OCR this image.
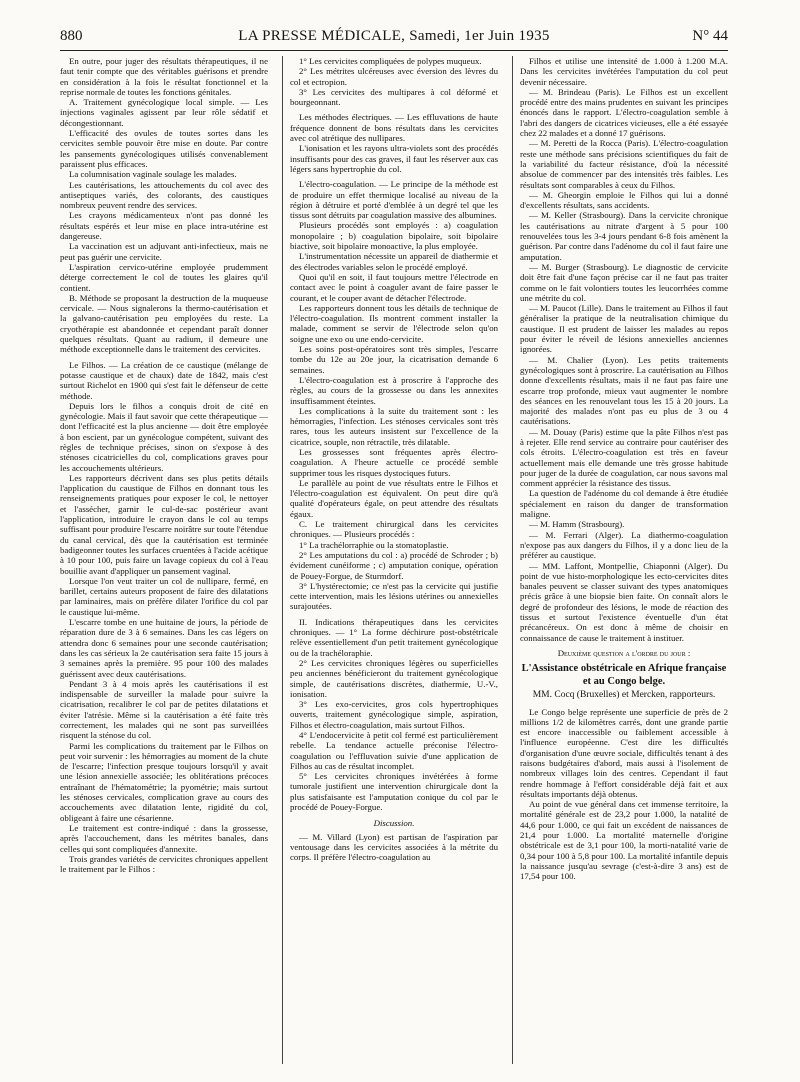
880	LA PRESSE MÉDICALE, Samedi, 1er Juin 1935	N° 44

En outre, pour juger des résultats thérapeutiques, il ne faut tenir compte que des véritables guérisons et prendre en considération à la fois le résultat fonctionnel et la reprise normale de toutes les fonctions génitales.

A. Traitement gynécologique local simple. — Les injections vaginales agissent par leur rôle sédatif et décongestionnant.

L'efficacité des ovules de toutes sortes dans les cervicites semble pouvoir être mise en doute. Par contre les pansements gynécologiques utilisés convenablement paraissent plus efficaces.

La columnisation vaginale soulage les malades.

Les cautérisations, les attouchements du col avec des antiseptiques variés, des colorants, des caustiques nombreux peuvent rendre des services.

Les crayons médicamenteux n'ont pas donné les résultats espérés et leur mise en place intra-utérine est dangereuse.

La vaccination est un adjuvant anti-infectieux, mais ne peut pas guérir une cervicite.

L'aspiration cervico-utérine employée prudemment déterge correctement le col de toutes les glaires qu'il contient.

B. Méthode se proposant la destruction de la muqueuse cervicale. — Nous signalerons la thermo-cautérisation et la galvano-cautérisation peu employées du reste. La cryothérapie est abandonnée et cependant paraît donner quelques résultats. Quant au radium, il demeure une méthode exceptionnelle dans le traitement des cervicites.

Le Filhos. — La création de ce caustique (mélange de potasse caustique et de chaux) date de 1842, mais c'est surtout Richelot en 1900 qui s'est fait le défenseur de cette méthode.

Depuis lors le filhos a conquis droit de cité en gynécologie. Mais il faut savoir que cette thérapeutique — dont l'efficacité est la plus ancienne — doit être employée à bon escient, par un gynécologue compétent, suivant des règles de technique précises, sinon on s'expose à des sténoses cicatricielles du col, complications graves pour les accouchements ultérieurs.

Les rapporteurs décrivent dans ses plus petits détails l'application du caustique de Filhos en donnant tous les renseignements pratiques pour exposer le col, le nettoyer et l'assécher, garnir le cul-de-sac postérieur avant l'application, introduire le crayon dans le col au temps suffisant pour produire l'escarre noirâtre sur toute l'étendue du canal cervical, dès que la cautérisation est terminée badigeonner toutes les surfaces cruentées à l'acide acétique à 10 pour 100, puis faire un lavage copieux du col à l'eau bouillie avant d'appliquer un pansement vaginal.

Lorsque l'on veut traiter un col de nullipare, fermé, en barillet, certains auteurs proposent de faire des dilatations par laminaires, mais on préfère dilater l'orifice du col par le caustique lui-même.

L'escarre tombe en une huitaine de jours, la période de réparation dure de 3 à 6 semaines. Dans les cas légers on attendra donc 6 semaines pour une seconde cautérisation; dans les cas sérieux la 2e cautérisation sera faite 15 jours à 3 semaines après la première. 95 pour 100 des malades guérissent avec deux cautérisations.

Pendant 3 à 4 mois après les cautérisations il est indispensable de surveiller la malade pour suivre la cicatrisation, recalibrer le col par de petites dilatations et éviter l'atrésie. Même si la cautérisation a été faite très correctement, les malades qui ne sont pas surveillées risquent la sténose du col.

Parmi les complications du traitement par le Filhos on peut voir survenir : les hémorragies au moment de la chute de l'escarre; l'infection presque toujours lorsqu'il y avait une lésion annexielle associée; les oblitérations précoces entraînant de l'hématométrie; la pyométrie; mais surtout les sténoses cervicales, complication grave au cours des accouchements avec dilatation lente, rigidité du col, obligeant à faire une césarienne.

Le traitement est contre-indiqué : dans la grossesse, après l'accouchement, dans les métrites banales, dans celles qui sont compliquées d'annexite.

Trois grandes variétés de cervicites chroniques appellent le traitement par le Filhos :

1° Les cervicites compliquées de polypes muqueux.

2° Les métrites ulcéreuses avec éversion des lèvres du col et ectropion.

3° Les cervicites des multipares à col déformé et bourgeonnant.

Les méthodes électriques. — Les effluvations de haute fréquence donnent de bons résultats dans les cervicites avec col atrétique des nullipares.

L'ionisation et les rayons ultra-violets sont des procédés insuffisants pour des cas graves, il faut les réserver aux cas légers sans hypertrophie du col.

L'électro-coagulation. — Le principe de la méthode est de produire un effet thermique localisé au niveau de la région à détruire et porté d'emblée à un degré tel que les tissus sont détruits par coagulation massive des albumines.

Plusieurs procédés sont employés : a) coagulation monopolaire ; b) coagulation bipolaire, soit bipolaire biactive, soit bipolaire monoactive, la plus employée.

L'instrumentation nécessite un appareil de diathermie et des électrodes variables selon le procédé employé.

Quoi qu'il en soit, il faut toujours mettre l'électrode en contact avec le point à coaguler avant de faire passer le courant, et le couper avant de détacher l'électrode.

Les rapporteurs donnent tous les détails de technique de l'électro-coagulation. Ils montrent comment installer la malade, comment se servir de l'électrode selon qu'on soigne une exo ou une endo-cervicite.

Les soins post-opératoires sont très simples, l'escarre tombe du 12e au 20e jour, la cicatrisation demande 6 semaines.

L'électro-coagulation est à proscrire à l'approche des règles, au cours de la grossesse ou dans les annexites insuffisamment éteintes.

Les complications à la suite du traitement sont : les hémorragies, l'infection. Les sténoses cervicales sont très rares, tous les auteurs insistent sur l'excellence de la cicatrice, souple, non rétractile, très dilatable.

Les grossesses sont fréquentes après électro-coagulation. A l'heure actuelle ce procédé semble supprimer tous les risques dystociques futurs.

Le parallèle au point de vue résultats entre le Filhos et l'électro-coagulation est équivalent. On peut dire qu'à qualité d'opérateurs égale, on peut attendre des résultats égaux.

C. Le traitement chirurgical dans les cervicites chroniques. — Plusieurs procédés :

1° La trachélorraphie ou la stomatoplastie.

2° Les amputations du col : a) procédé de Schroder ; b) évidement cunéiforme ; c) amputation conique, opération de Pouey-Forgue, de Sturmdorf.

3° L'hystérectomie; ce n'est pas la cervicite qui justifie cette intervention, mais les lésions utérines ou annexielles surajoutées.

II. Indications thérapeutiques dans les cervicites chroniques. — 1° La forme déchirure post-obstétricale relève essentiellement d'un petit traitement gynécologique ou de la trachéloraphie.

2° Les cervicites chroniques légères ou superficielles peu anciennes bénéficieront du traitement gynécologique simple, de cautérisations discrètes, diathermie, U.-V., ionisation.

3° Les exo-cervicites, gros cols hypertrophiques ouverts, traitement gynécologique simple, aspiration, Filhos et électro-coagulation, mais surtout Filhos.

4° L'endocervicite à petit col fermé est particulièrement rebelle. La tendance actuelle préconise l'électro-coagulation ou l'effluvation suivie d'une application de Filhos au cas de résultat incomplet.

5° Les cervicites chroniques invétérées à forme tumorale justifient une intervention chirurgicale dont la plus satisfaisante est l'amputation conique du col par le procédé de Pouey-Forgue.

Discussion.

— M. Villard (Lyon) est partisan de l'aspiration par ventousage dans les cervicites associées à la métrite du corps. Il préfère l'électro-coagulation au

Filhos et utilise une intensité de 1.000 à 1.200 M.A. Dans les cervicites invétérées l'amputation du col peut devenir nécessaire.

— M. Brindeau (Paris). Le Filhos est un excellent procédé entre des mains prudentes en suivant les principes énoncés dans le rapport. L'électro-coagulation semble à l'abri des dangers de cicatrices vicieuses, elle a été essayée chez 22 malades et a donné 17 guérisons.

— M. Peretti de la Rocca (Paris). L'électro-coagulation reste une méthode sans précisions scientifiques du fait de la variabilité du facteur résistance, d'où la nécessité absolue de commencer par des intensités très faibles. Les résultats sont comparables à ceux du Filhos.

— M. Gheorgin emploie le Filhos qui lui a donné d'excellents résultats, sans accidents.

— M. Keller (Strasbourg). Dans la cervicite chronique les cautérisations au nitrate d'argent à 5 pour 100 renouvelées tous les 3-4 jours pendant 6-8 fois amènent la guérison. Par contre dans l'adénome du col il faut faire une amputation.

— M. Burger (Strasbourg). Le diagnostic de cervicite doit être fait d'une façon précise car il ne faut pas traiter comme on le fait volontiers toutes les leucorrhées comme une métrite du col.

— M. Paucot (Lille). Dans le traitement au Filhos il faut généraliser la pratique de la neutralisation chimique du caustique. Il est prudent de laisser les malades au repos pour éviter le réveil de lésions annexielles anciennes ignorées.

— M. Chalier (Lyon). Les petits traitements gynécologiques sont à proscrire. La cautérisation au Filhos donne d'excellents résultats, mais il ne faut pas faire une escarre trop profonde, mieux vaut augmenter le nombre des séances en les renouvelant tous les 15 à 20 jours. La majorité des malades n'ont pas eu plus de 3 ou 4 cautérisations.

— M. Douay (Paris) estime que la pâte Filhos n'est pas à rejeter. Elle rend service au contraire pour cautériser des cols étroits. L'électro-coagulation est très en faveur actuellement mais elle demande une très grosse habitude pour juger de la durée de coagulation, car nous savons mal comment apprécier la résistance des tissus.

La question de l'adénome du col demande à être étudiée spécialement en raison du danger de transformation maligne.

— M. Hamm (Strasbourg).

— M. Ferrari (Alger). La diathermo-coagulation n'expose pas aux dangers du Filhos, il y a donc lieu de la préférer au caustique.

— MM. Laffont, Montpellie, Chiaponni (Alger). Du point de vue histo-morphologique les ecto-cervicites dites banales peuvent se classer suivant des types anatomiques précis grâce à une biopsie bien faite. On connaît alors le degré de profondeur des lésions, le mode de réaction des tissus et surtout l'existence éventuelle d'un état précancéreux. On est donc à même de choisir en connaissance de cause le traitement à instituer.

Deuxième question a l'ordre du jour :

L'Assistance obstétricale en Afrique française et au Congo belge.

MM. Cocq (Bruxelles) et Mercken, rapporteurs.

Le Congo belge représente une superficie de près de 2 millions 1/2 de kilomètres carrés, dont une grande partie est encore inaccessible ou faiblement accessible à l'influence européenne. C'est dire les difficultés d'organisation d'une œuvre sociale, difficultés tenant à des raisons budgétaires d'abord, mais aussi à l'isolement de nombreux villages loin des centres. Cependant il faut rendre hommage à l'effort considérable déjà fait et aux résultats importants déjà obtenus.

Au point de vue général dans cet immense territoire, la mortalité générale est de 23,2 pour 1.000, la natalité de 44,6 pour 1.000, ce qui fait un excédent de naissances de 21,4 pour 1.000. La mortalité maternelle d'origine obstétricale est de 3,1 pour 100, la morti-natalité varie de 0,34 pour 100 à 5,8 pour 100. La mortalité infantile depuis la naissance jusqu'au sevrage (c'est-à-dire 3 ans) est de 17,54 pour 100.
